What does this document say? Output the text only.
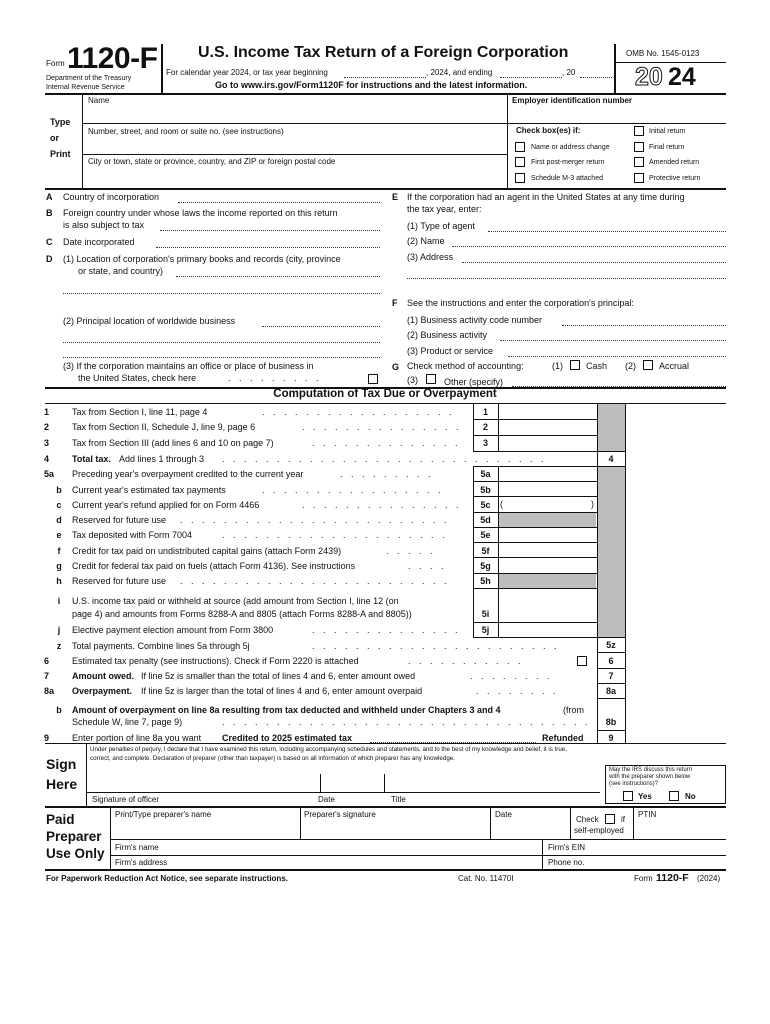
Form 1120-F
Department of the Treasury
Internal Revenue Service
U.S. Income Tax Return of a Foreign Corporation
For calendar year 2024, or tax year beginning	, 2024, and ending	, 20
Go to www.irs.gov/Form1120F for instructions and the latest information.
OMB No. 1545-0123
20 24
Type
or
Print
Name	Employer identification number
Number, street, and room or suite no. (see instructions)
City or town, state or province, country, and ZIP or foreign postal code
Check box(es) if:	Initial return
Name or address change	Final return
First post-merger return	Amended return
Schedule M-3 attached	Protective return
A Country of incorporation
B Foreign country under whose laws the income reported on this return
is also subject to tax
C Date incorporated
D (1) Location of corporation's primary books and records (city, province
or state, and country)
(2) Principal location of worldwide business
(3) If the corporation maintains an office or place of business in
the United States, check here	. . . . . . . . .
E If the corporation had an agent in the United States at any time during
the tax year, enter:
(1) Type of agent
(2) Name
(3) Address
F See the instructions and enter the corporation's principal:
(1) Business activity code number
(2) Business activity
(3) Product or service
G Check method of accounting:	(1)	Cash (2)	Accrual
(3)	Other (specify)
Computation of Tax Due or Overpayment
1	Tax from Section I, line 11, page 4	. . . . . . . . . . . . . . . . . .	1
2	Tax from Section II, Schedule J, line 9, page 6	. . . . . . . . . . . . . . .	2
3	Tax from Section III (add lines 6 and 10 on page 7)	. . . . . . . . . . . . . .	3
4	Total tax. Add lines 1 through 3 . . . . . . . . . . . . . . . . . . . . . . . . . . . . . .	4
5a	Preceding year's overpayment credited to the current year	. . . . . . . . .	5a
b Current year's estimated tax payments	. . . . . . . . . . . . . . . . .	5b
c Current year's refund applied for on Form 4466	. . . . . . . . . . . . . . .	5c	(	)
d Reserved for future use . . . . . . . . . . . . . . . . . . . . . . . . .	5d
e Tax deposited with Form 7004	. . . . . . . . . . . . . . . . . . . . .	5e
f	Credit for tax paid on undistributed capital gains (attach Form 2439)	. . . . .	5f
g Credit for federal tax paid on fuels (attach Form 4136). See instructions	. . . .	5g
h Reserved for future use . . . . . . . . . . . . . . . . . . . . . . . . .	5h
i	U.S. income tax paid or withheld at source (add amount from Section I, line 12 (on
page 4) and amounts from Forms 8288-A and 8805 (attach Forms 8288-A and 8805))	5i
j	Elective payment election amount from Form 3800	. . . . . . . . . . . . . .	5j
z	Total payments. Combine lines 5a through 5j	. . . . . . . . . . . . . . . . . . . . . . .	5z
6	Estimated tax penalty (see instructions). Check if Form 2220 is attached	. . . . . . . . . . .	6
7	Amount owed. If line 5z is smaller than the total of lines 4 and 6, enter amount owed	. . . . . . . .	7
8a	Overpayment. If line 5z is larger than the total of lines 4 and 6, enter amount overpaid	. . . . . . . .	8a
b Amount of overpayment on line 8a resulting from tax deducted and withheld under Chapters 3 and 4	(from
Schedule W, line 7, page 9)	. . . . . . . . . . . . . . . . . . . . . . . . . . . . . . . . . .	8b
9	Enter portion of line 8a you want Credited to 2025 estimated tax	Refunded	9
Sign
Here
Under penalties of perjury, I declare that I have examined this return, including accompanying schedules and statements, and to the best of my knowledge and belief, it is true,
correct, and complete. Declaration of preparer (other than taxpayer) is based on all information of which preparer has any knowledge.
Signature of officer	Date	Title
May the IRS discuss this return
with the preparer shown below
(see instructions)?
Yes	No
Paid
Preparer
Use Only
Print/Type preparer's name	Preparer's signature	Date
Check	if
self-employed
PTIN
Firm's name	Firm's EIN
Firm's address	Phone no.
For Paperwork Reduction Act Notice, see separate instructions.	Cat. No. 11470I	Form 1120-F (2024)
